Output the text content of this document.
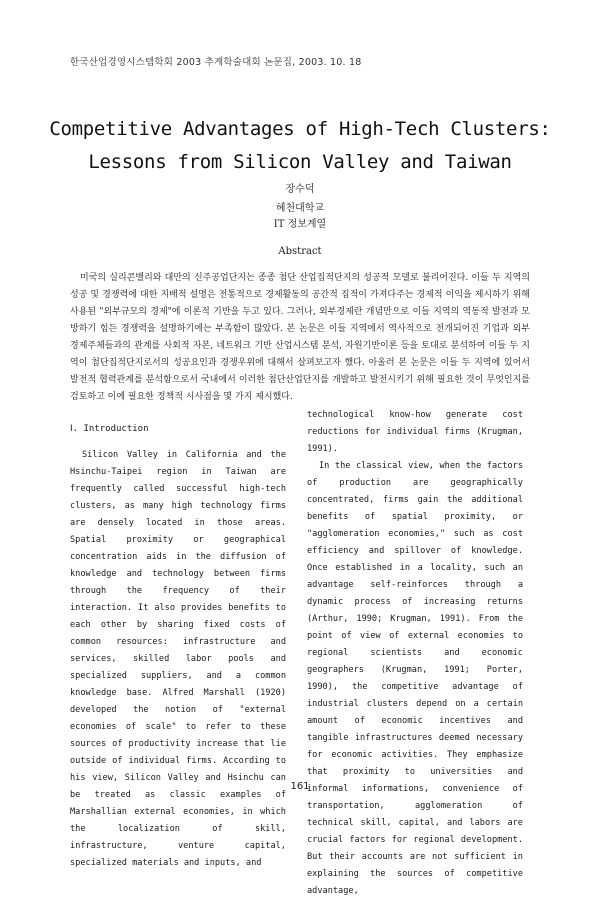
한국산업경영시스템학회 2003 추계학술대회 논문집, 2003. 10. 18
Competitive Advantages of High-Tech Clusters:
Lessons from Silicon Valley and Taiwan
장수덕
혜천대학교
IT 정보계열
Abstract
미국의 실리콘밸리와 대만의 신주공업단지는 종종 첨단 산업집적단지의 성공적 모델로 불리어진다. 이들 두 지역의 성공 및 경쟁력에 대한 지배적 설명은 전통적으로 경제활동의 공간적 집적이 가져다주는 경제적 이익을 제시하기 위해 사용된 "외부규모의 경제"에 이론적 기반을 두고 있다. 그러나, 외부경제란 개념만으로 이들 지역의 역동적 발전과 모방하기 힘든 경쟁력을 설명하기에는 부족함이 많았다. 본 논문은 이들 지역에서 역사적으로 전개되어진 기업과 외부 경제주체들과의 관계를 사회적 자본, 네트워크 기반 산업시스템 분석, 자원기반이론 등을 토대로 분석하여 이들 두 지역이 첨단집적단지로서의 성공요인과 경쟁우위에 대해서 살펴보고자 했다. 아울러 본 논문은 이들 두 지역에 있어서 발전적 협력관계를 분석함으로서 국내에서 이러한 첨단산업단지를 개발하고 발전시키기 위해 필요한 것이 무엇인지를 검토하고 이에 필요한 정책적 시사점을 몇 가지 제시했다.
Ⅰ. Introduction

Silicon Valley in California and the Hsinchu-Taipei region in Taiwan are frequently called successful high-tech clusters, as many high technology firms are densely located in those areas. Spatial proximity or geographical concentration aids in the diffusion of knowledge and technology between firms through the frequency of their interaction. It also provides benefits to each other by sharing fixed costs of common resources: infrastructure and services, skilled labor pools and specialized suppliers, and a common knowledge base. Alfred Marshall (1920) developed the notion of "external economies of scale" to refer to these sources of productivity increase that lie outside of individual firms. According to his view, Silicon Valley and Hsinchu can be treated as classic examples of Marshallian external economies, in which the localization of skill, infrastructure, venture capital, specialized materials and inputs, and

technological know-how generate cost reductions for individual firms (Krugman, 1991).

In the classical view, when the factors of production are geographically concentrated, firms gain the additional benefits of spatial proximity, or "agglomeration economies," such as cost efficiency and spillover of knowledge. Once established in a locality, such an advantage self-reinforces through a dynamic process of increasing returns (Arthur, 1990; Krugman, 1991). From the point of view of external economies to regional scientists and economic geographers (Krugman, 1991; Porter, 1990), the competitive advantage of industrial clusters depend on a certain amount of economic incentives and tangible infrastructures deemed necessary for economic activities. They emphasize that proximity to universities and informal informations, convenience of transportation, agglomeration of technical skill, capital, and labors are crucial factors for regional development. But their accounts are not sufficient in explaining the sources of competitive advantage,

161
